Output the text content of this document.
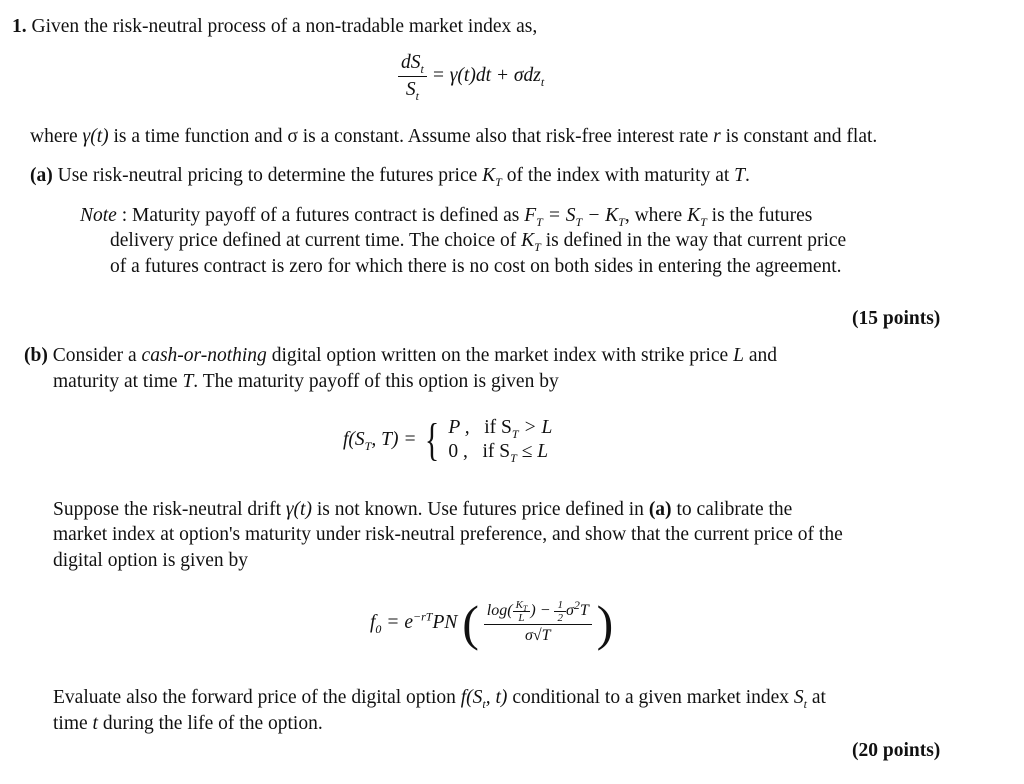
1. Given the risk-neutral process of a non-tradable market index as,
$\frac{dS_t}{S_t} = \gamma(t)dt + \sigma dz_t$
where γ(t) is a time function and σ is a constant. Assume also that risk-free interest rate r is constant and flat.
(a) Use risk-neutral pricing to determine the futures price $K_T$ of the index with maturity at T.
Note : Maturity payoff of a futures contract is defined as $F_T = S_T - K_T$, where $K_T$ is the futures
delivery price defined at current time. The choice of $K_T$ is defined in the way that current price
of a futures contract is zero for which there is no cost on both sides in entering the agreement.
(15 points)
(b) Consider a cash-or-nothing digital option written on the market index with strike price L and
maturity at time T. The maturity payoff of this option is given by
$f(S_T$, T) = { P , if $S_T > L$
0 , if $S_T \le L$
Suppose the risk-neutral drift γ(t) is not known. Use futures price defined in (a) to calibrate the
market index at option's maturity under risk-neutral preference, and show that the current price of the
digital option is given by
$f_0 = e^{-rT}PN$ ( $\frac{\log( \frac{K_T}{L} ) - \frac{1}{2} \sigma^2T}{\sigma√T}$ )
Evaluate also the forward price of the digital option $f(S_t$, t) conditional to a given market index $S_t$ at
time t during the life of the option.
(20 points)
